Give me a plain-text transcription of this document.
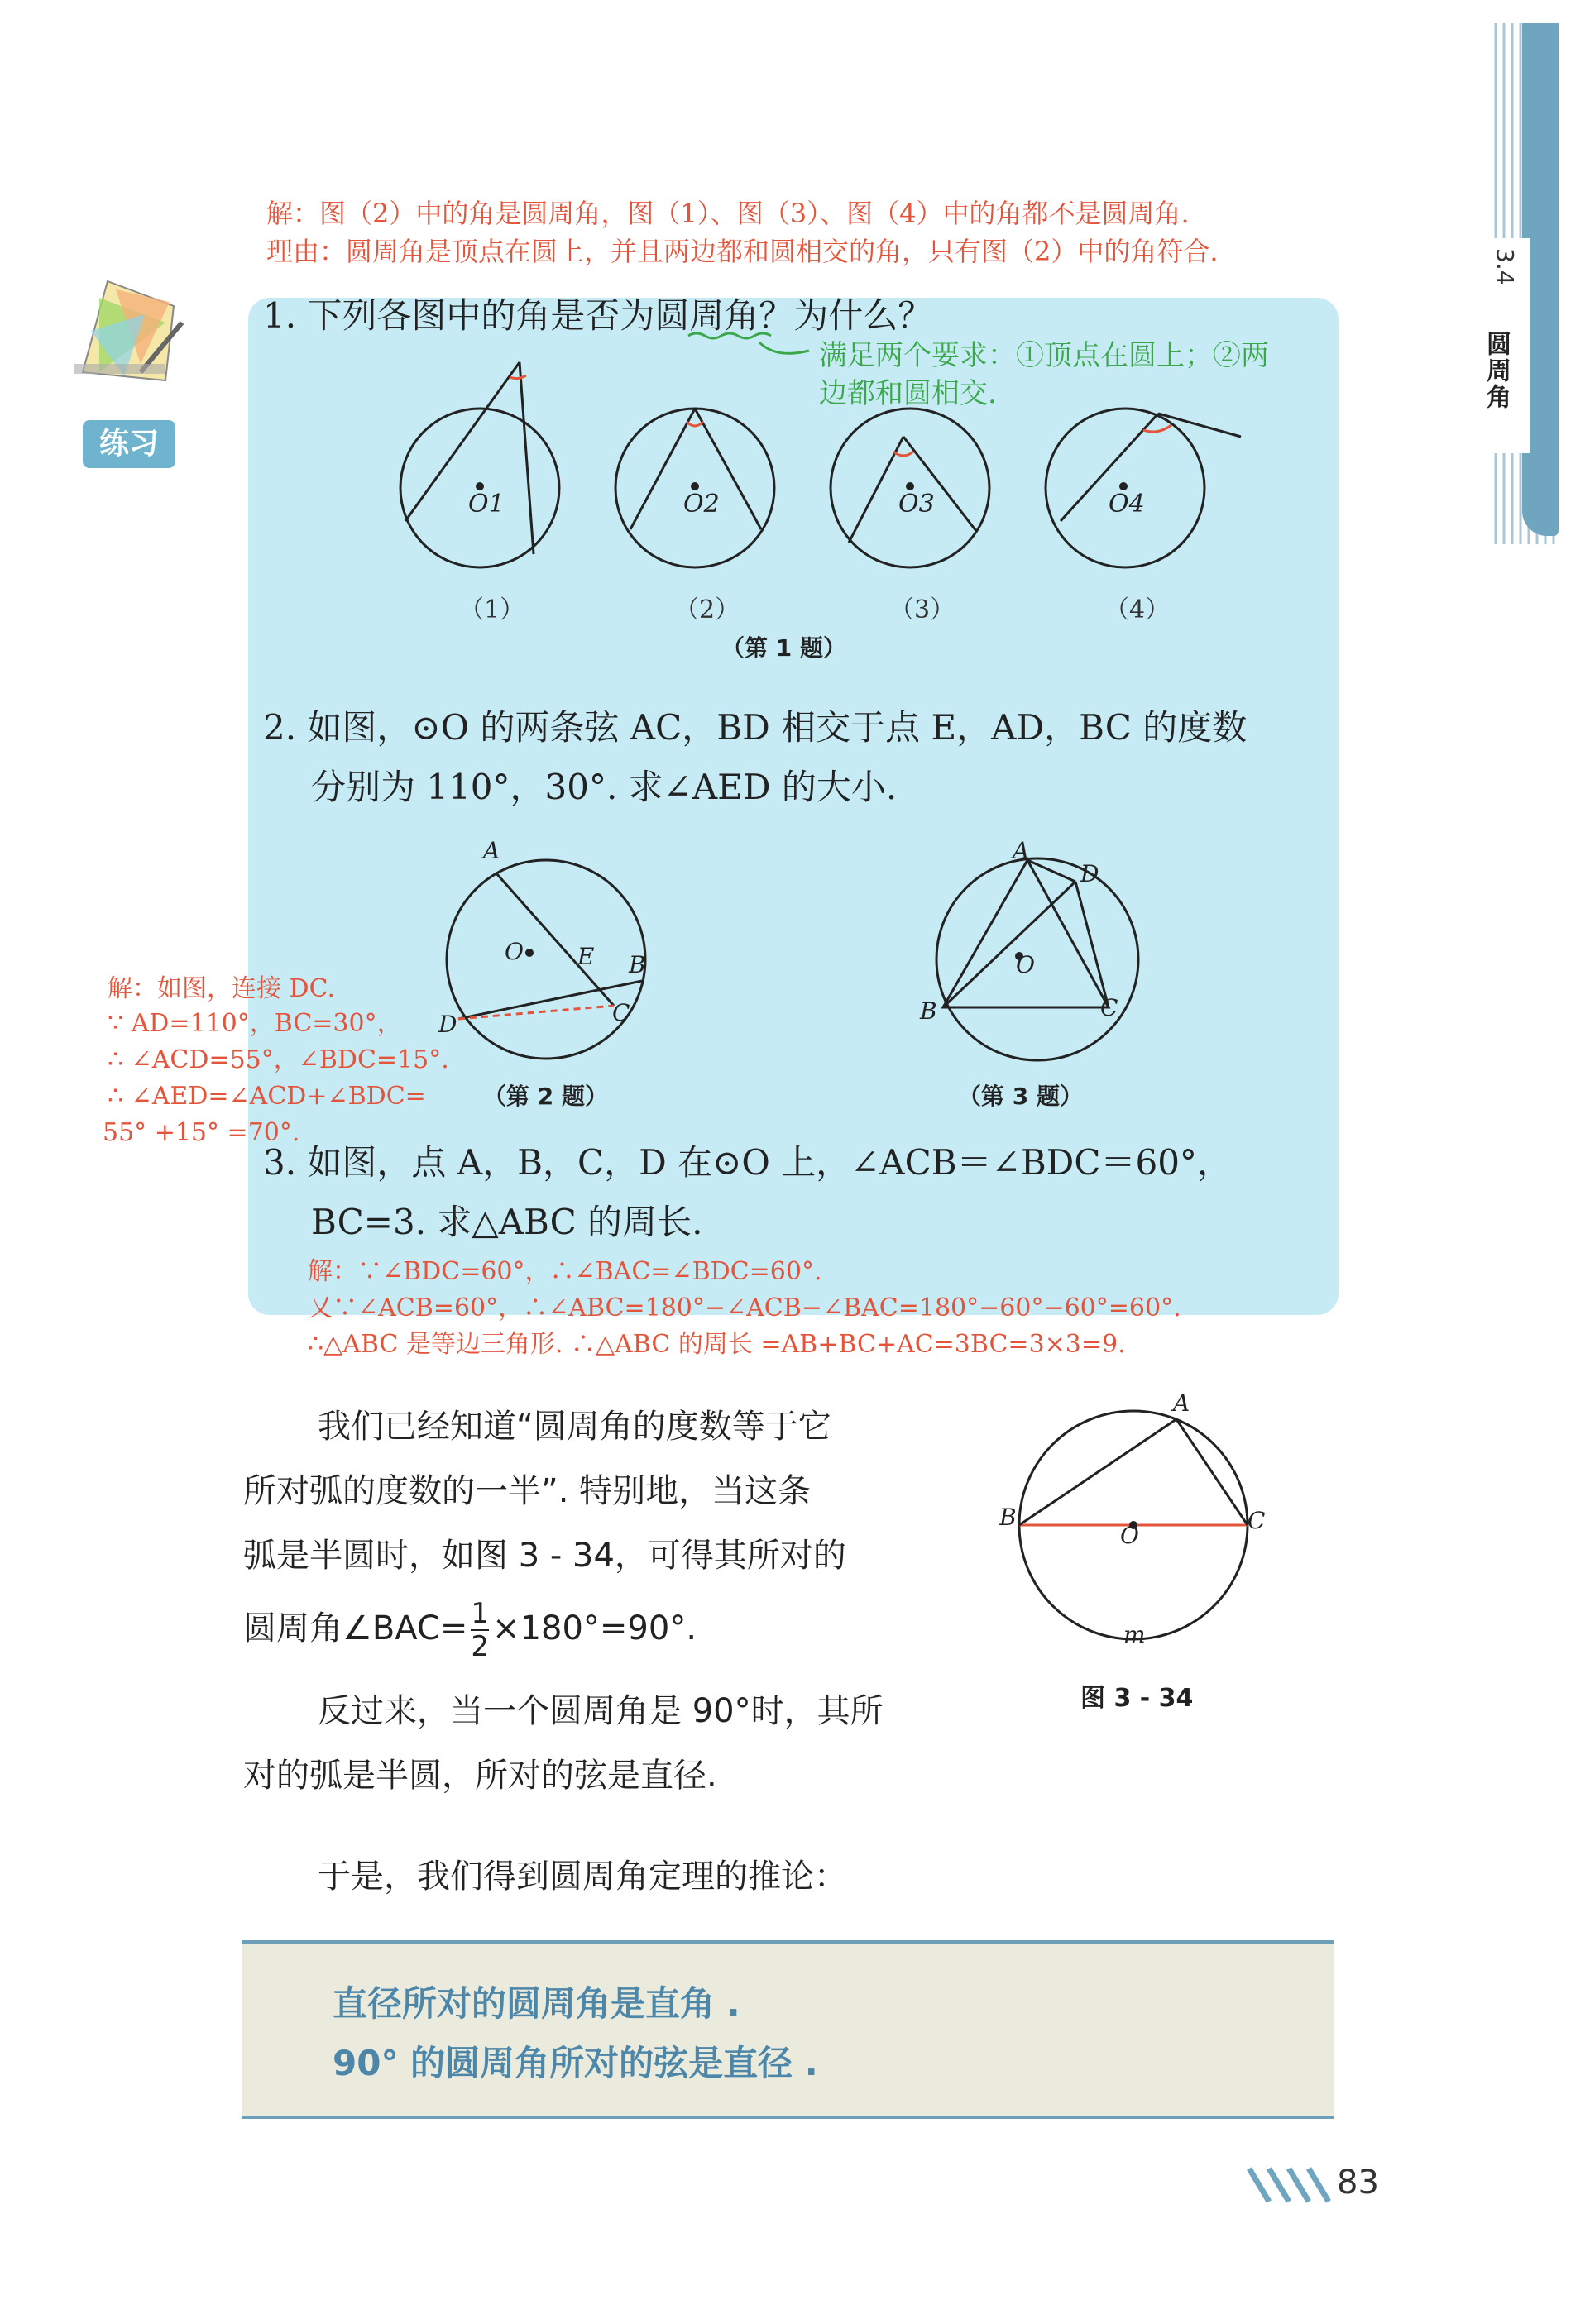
3.4
圆周角
练习
解：图（2）中的角是圆周角，图（1）、图（3）、图（4）中的角都不是圆周角.
理由：圆周角是顶点在圆上，并且两边都和圆相交的角，只有图（2）中的角符合.
1. 下列各图中的角是否为圆周角？为什么？
满足两个要求：①顶点在圆上；②两
边都和圆相交.
O1	O2	O3	O4
（1）	（2）	（3）	（4）
（第 1 题）
2. 如图，⊙O 的两条弦 AC，BD 相交于点 E，AD，BC 的度数
分别为 110°，30°. 求∠AED 的大小.
A
O E B
D	C
（第 2 题）
解：如图，连接 DC.
∵ AD=110°，BC=30°，
∴ ∠ACD=55°，∠BDC=15°.
∴ ∠AED=∠ACD+∠BDC=
55° +15° =70°.
A
D
O
B	C
（第 3 题）
3. 如图，点 A，B，C，D 在⊙O 上，∠ACB＝∠BDC＝60°，
BC=3. 求△ABC 的周长.
解：∵∠BDC=60°，∴∠BAC=∠BDC=60°.
又∵∠ACB=60°，∴∠ABC=180°−∠ACB−∠BAC=180°−60°−60°=60°.
∴△ABC 是等边三角形. ∴△ABC 的周长 =AB+BC+AC=3BC=3×3=9.
我们已经知道“圆周角的度数等于它
所对弧的度数的一半”. 特别地，当这条
弧是半圆时，如图 3 - 34，可得其所对的
圆周角∠BAC= $\frac{1}{2} \times 180^\circ=90^\circ$.
反过来，当一个圆周角是 90°时，其所
对的弧是半圆，所对的弦是直径.
于是，我们得到圆周角定理的推论：
A
B
O
C
m
图 3 - 34
直径所对的圆周角是直角 .
90° 的圆周角所对的弦是直径 .
83
